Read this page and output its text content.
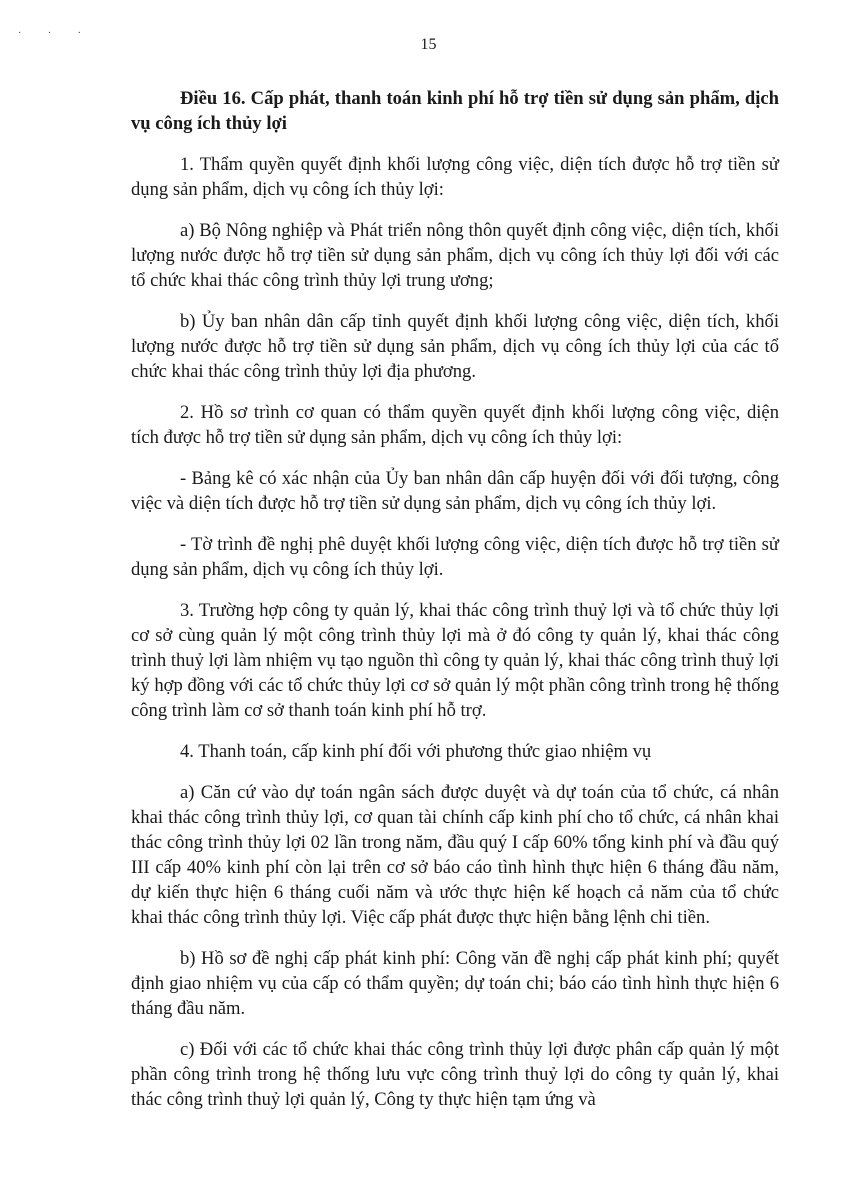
· · ·
15
Điều 16. Cấp phát, thanh toán kinh phí hỗ trợ tiền sử dụng sản phẩm, dịch vụ công ích thủy lợi

1. Thẩm quyền quyết định khối lượng công việc, diện tích được hỗ trợ tiền sử dụng sản phẩm, dịch vụ công ích thủy lợi:

a) Bộ Nông nghiệp và Phát triển nông thôn quyết định công việc, diện tích, khối lượng nước được hỗ trợ tiền sử dụng sản phẩm, dịch vụ công ích thủy lợi đối với các tổ chức khai thác công trình thủy lợi trung ương;

b) Ủy ban nhân dân cấp tỉnh quyết định khối lượng công việc, diện tích, khối lượng nước được hỗ trợ tiền sử dụng sản phẩm, dịch vụ công ích thủy lợi của các tổ chức khai thác công trình thủy lợi địa phương.

2. Hồ sơ trình cơ quan có thẩm quyền quyết định khối lượng công việc, diện tích được hỗ trợ tiền sử dụng sản phẩm, dịch vụ công ích thủy lợi:

- Bảng kê có xác nhận của Ủy ban nhân dân cấp huyện đối với đối tượng, công việc và diện tích được hỗ trợ tiền sử dụng sản phẩm, dịch vụ công ích thủy lợi.

- Tờ trình đề nghị phê duyệt khối lượng công việc, diện tích được hỗ trợ tiền sử dụng sản phẩm, dịch vụ công ích thủy lợi.

3. Trường hợp công ty quản lý, khai thác công trình thuỷ lợi và tổ chức thủy lợi cơ sở cùng quản lý một công trình thủy lợi mà ở đó công ty quản lý, khai thác công trình thuỷ lợi làm nhiệm vụ tạo nguồn thì công ty quản lý, khai thác công trình thuỷ lợi ký hợp đồng với các tổ chức thủy lợi cơ sở quản lý một phần công trình trong hệ thống công trình làm cơ sở thanh toán kinh phí hỗ trợ.

4. Thanh toán, cấp kinh phí đối với phương thức giao nhiệm vụ

a) Căn cứ vào dự toán ngân sách được duyệt và dự toán của tổ chức, cá nhân khai thác công trình thủy lợi, cơ quan tài chính cấp kinh phí cho tổ chức, cá nhân khai thác công trình thủy lợi 02 lần trong năm, đầu quý I cấp 60% tổng kinh phí và đầu quý III cấp 40% kinh phí còn lại trên cơ sở báo cáo tình hình thực hiện 6 tháng đầu năm, dự kiến thực hiện 6 tháng cuối năm và ước thực hiện kế hoạch cả năm của tổ chức khai thác công trình thủy lợi. Việc cấp phát được thực hiện bằng lệnh chi tiền.

b) Hồ sơ đề nghị cấp phát kinh phí: Công văn đề nghị cấp phát kinh phí; quyết định giao nhiệm vụ của cấp có thẩm quyền; dự toán chi; báo cáo tình hình thực hiện 6 tháng đầu năm.

c) Đối với các tổ chức khai thác công trình thủy lợi được phân cấp quản lý một phần công trình trong hệ thống lưu vực công trình thuỷ lợi do công ty quản lý, khai thác công trình thuỷ lợi quản lý, Công ty thực hiện tạm ứng và
